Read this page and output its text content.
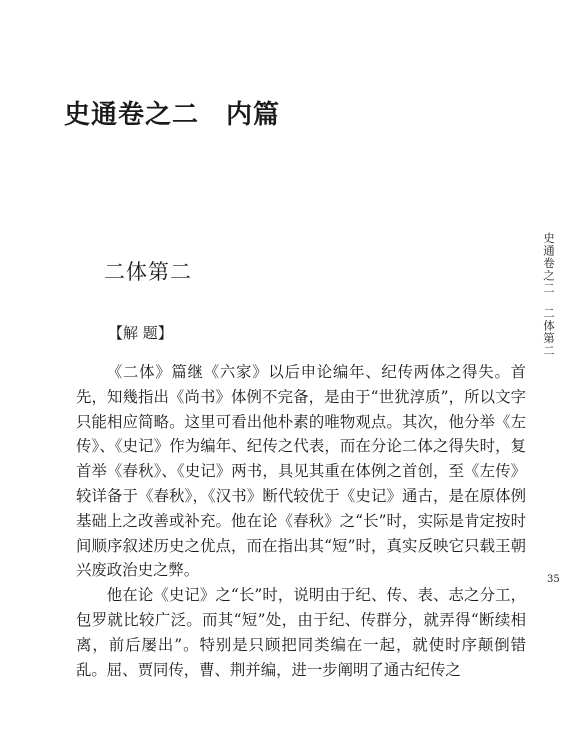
史通卷之二　内篇
二体第二
【解 题】

《二体》篇继《六家》以后申论编年、纪传两体之得失。首先，知幾指出《尚书》体例不完备，是由于“世犹淳质”，所以文字只能相应简略。这里可看出他朴素的唯物观点。其次，他分举《左传》、《史记》作为编年、纪传之代表，而在分论二体之得失时，复首举《春秋》、《史记》两书，具见其重在体例之首创，至《左传》较详备于《春秋》，《汉书》断代较优于《史记》通古，是在原体例基础上之改善或补充。他在论《春秋》之“长”时，实际是肯定按时间顺序叙述历史之优点，而在指出其“短”时，真实反映它只载王朝兴废政治史之弊。

他在论《史记》之“长”时，说明由于纪、传、表、志之分工，包罗就比较广泛。而其“短”处，由于纪、传群分，就弄得“断续相离，前后屡出”。特别是只顾把同类编在一起，就使时序颠倒错乱。屈、贾同传，曹、荆并编，进一步阐明了通古纪传之

史通卷之二　二体第二
35
